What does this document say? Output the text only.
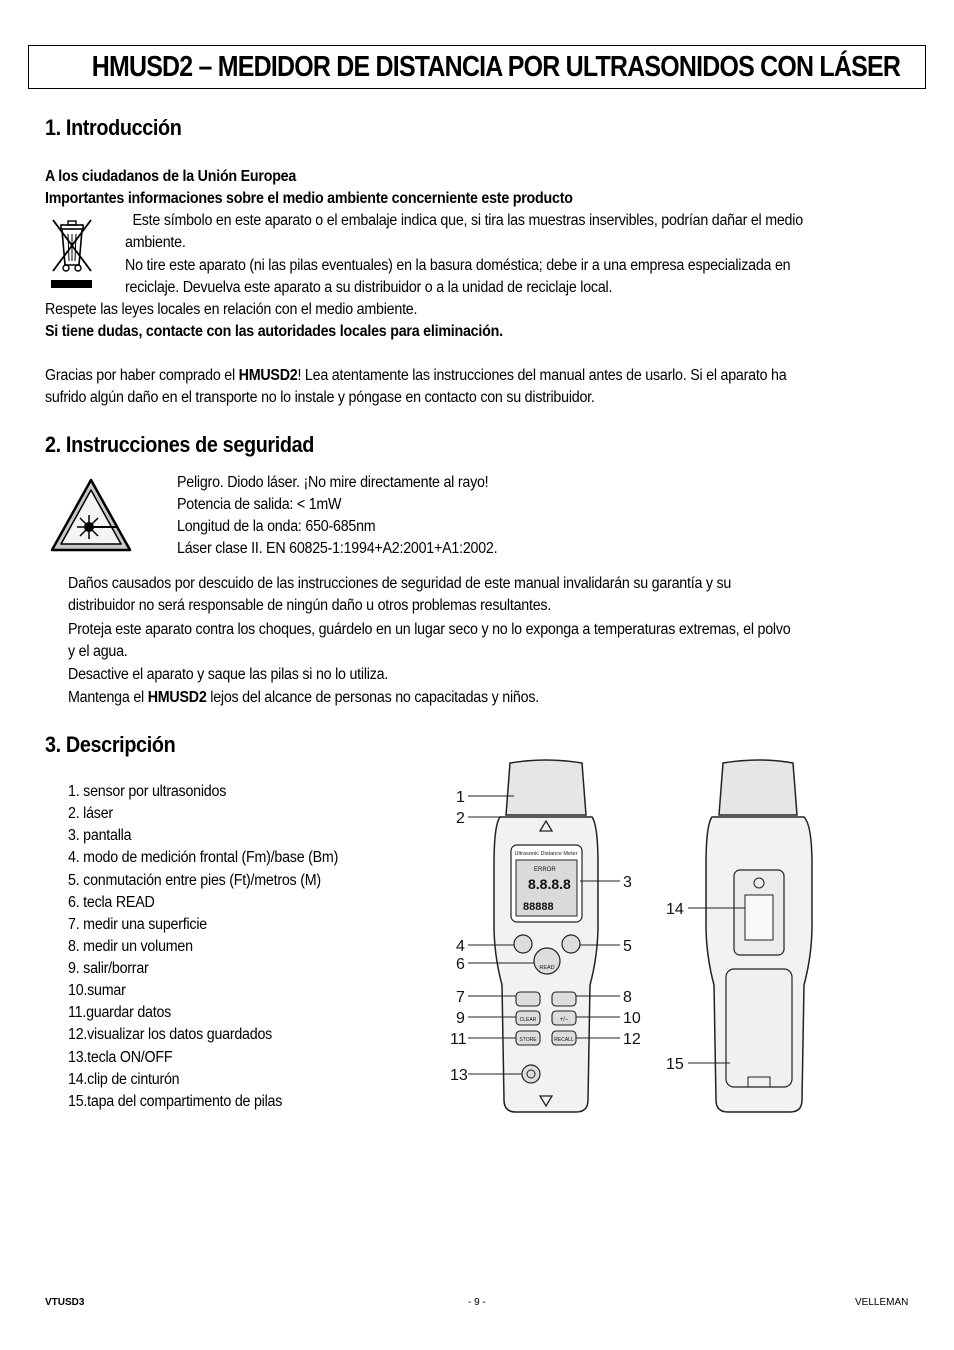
HMUSD2 – MEDIDOR DE DISTANCIA POR ULTRASONIDOS CON LÁSER
1. Introducción
A los ciudadanos de la Unión Europea
Importantes informaciones sobre el medio ambiente concerniente este producto
Este símbolo en este aparato o el embalaje indica que, si tira las muestras inservibles, podrían dañar el medio
ambiente.
No tire este aparato (ni las pilas eventuales) en la basura doméstica; debe ir a una empresa especializada en
reciclaje. Devuelva este aparato a su distribuidor o a la unidad de reciclaje local.
Respete las leyes locales en relación con el medio ambiente.
Si tiene dudas, contacte con las autoridades locales para eliminación.
Gracias por haber comprado el HMUSD2! Lea atentamente las instrucciones del manual antes de usarlo. Si el aparato ha
sufrido algún daño en el transporte no lo instale y póngase en contacto con su distribuidor.
2. Instrucciones de seguridad
Peligro. Diodo láser. ¡No mire directamente al rayo!
Potencia de salida: < 1mW
Longitud de la onda: 650-685nm
Láser clase II. EN 60825-1:1994+A2:2001+A1:2002.
Daños causados por descuido de las instrucciones de seguridad de este manual invalidarán su garantía y su
distribuidor no será responsable de ningún daño u otros problemas resultantes.
Proteja este aparato contra los choques, guárdelo en un lugar seco y no lo exponga a temperaturas extremas, el polvo
y el agua.
Desactive el aparato y saque las pilas si no lo utiliza.
Mantenga el HMUSD2 lejos del alcance de personas no capacitadas y niños.
3. Descripción
1. sensor por ultrasonidos
2. láser
3. pantalla
4. modo de medición frontal (Fm)/base (Bm)
5. conmutación entre pies (Ft)/metros (M)
6. tecla READ
7. medir una superficie
8. medir un volumen
9. salir/borrar
10.sumar
11.guardar datos
12.visualizar los datos guardados
13.tecla ON/OFF
14.clip de cinturón
15.tapa del compartimento de pilas
Ultrasonic Distance Meter
ERROR
8.8.8.8
88888
READ
CLEAR	+/−
STORE	RECALL
1
2
3
4	5
6
7	8
9	10
11	12
13
14
15
VTUSD3	- 9 -	VELLEMAN
